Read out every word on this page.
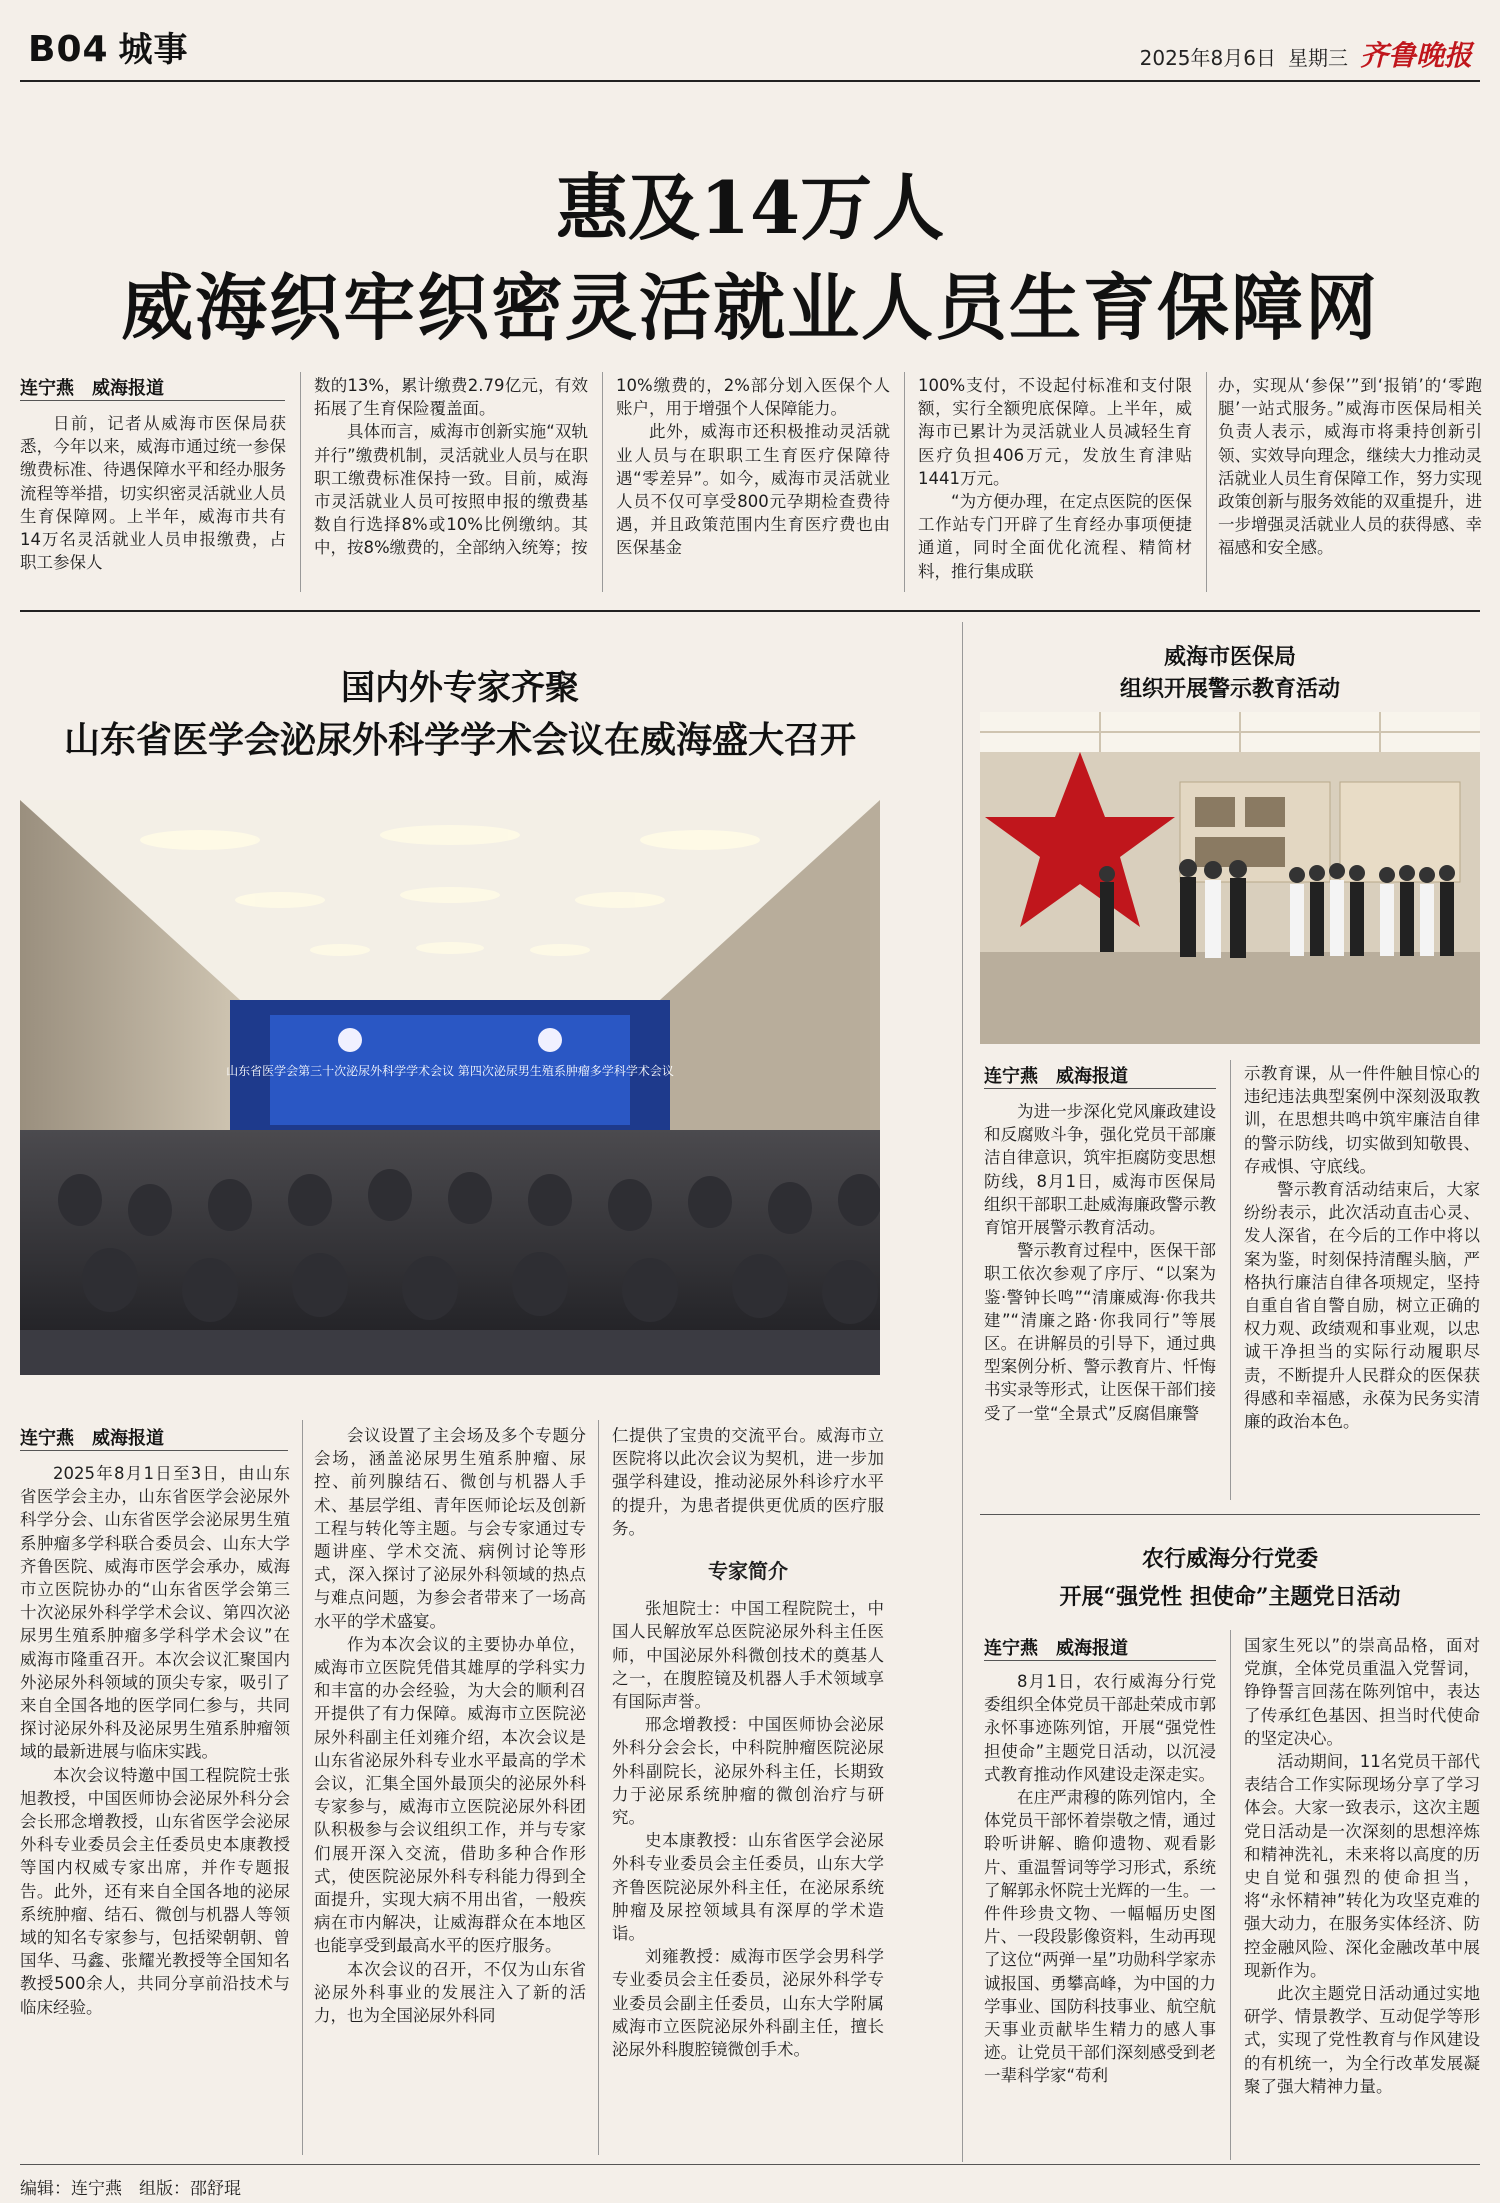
B04 城事	2025年8月6日 星期三 齐鲁晚报
惠及14万人
威海织牢织密灵活就业人员生育保障网
连宁燕　威海报道

日前，记者从威海市医保局获悉，今年以来，威海市通过统一参保缴费标准、待遇保障水平和经办服务流程等举措，切实织密灵活就业人员生育保障网。上半年，威海市共有14万名灵活就业人员申报缴费，占职工参保人

数的13%，累计缴费2.79亿元，有效拓展了生育保险覆盖面。

具体而言，威海市创新实施“双轨并行”缴费机制，灵活就业人员与在职职工缴费标准保持一致。目前，威海市灵活就业人员可按照申报的缴费基数自行选择8%或10%比例缴纳。其中，按8%缴费的，全部纳入统筹；按

10%缴费的，2%部分划入医保个人账户，用于增强个人保障能力。

此外，威海市还积极推动灵活就业人员与在职职工生育医疗保障待遇“零差异”。如今，威海市灵活就业人员不仅可享受800元孕期检查费待遇，并且政策范围内生育医疗费也由医保基金

100%支付，不设起付标准和支付限额，实行全额兜底保障。上半年，威海市已累计为灵活就业人员减轻生育医疗负担406万元，发放生育津贴1441万元。

“为方便办理，在定点医院的医保工作站专门开辟了生育经办事项便捷通道，同时全面优化流程、精简材料，推行集成联

办，实现从‘参保’”到‘报销’的‘零跑腿’一站式服务。”威海市医保局相关负责人表示，威海市将秉持创新引领、实效导向理念，继续大力推动灵活就业人员生育保障工作，努力实现政策创新与服务效能的双重提升，进一步增强灵活就业人员的获得感、幸福感和安全感。

国内外专家齐聚
山东省医学会泌尿外科学学术会议在威海盛大召开
山东省医学会第三十次泌尿外科学学术会议 第四次泌尿男生殖系肿瘤多学科学术会议
连宁燕　威海报道

2025年8月1日至3日，由山东省医学会主办，山东省医学会泌尿外科学分会、山东省医学会泌尿男生殖系肿瘤多学科联合委员会、山东大学齐鲁医院、威海市医学会承办，威海市立医院协办的“山东省医学会第三十次泌尿外科学学术会议、第四次泌尿男生殖系肿瘤多学科学术会议”在威海市隆重召开。本次会议汇聚国内外泌尿外科领域的顶尖专家，吸引了来自全国各地的医学同仁参与，共同探讨泌尿外科及泌尿男生殖系肿瘤领域的最新进展与临床实践。

本次会议特邀中国工程院院士张旭教授，中国医师协会泌尿外科分会会长邢念增教授，山东省医学会泌尿外科专业委员会主任委员史本康教授等国内权威专家出席，并作专题报告。此外，还有来自全国各地的泌尿系统肿瘤、结石、微创与机器人等领域的知名专家参与，包括梁朝朝、曾国华、马鑫、张耀光教授等全国知名教授500余人，共同分享前沿技术与临床经验。

会议设置了主会场及多个专题分会场，涵盖泌尿男生殖系肿瘤、尿控、前列腺结石、微创与机器人手术、基层学组、青年医师论坛及创新工程与转化等主题。与会专家通过专题讲座、学术交流、病例讨论等形式，深入探讨了泌尿外科领域的热点与难点问题，为参会者带来了一场高水平的学术盛宴。

作为本次会议的主要协办单位，威海市立医院凭借其雄厚的学科实力和丰富的办会经验，为大会的顺利召开提供了有力保障。威海市立医院泌尿外科副主任刘雍介绍，本次会议是山东省泌尿外科专业水平最高的学术会议，汇集全国外最顶尖的泌尿外科专家参与，威海市立医院泌尿外科团队积极参与会议组织工作，并与专家们展开深入交流，借助多种合作形式，使医院泌尿外科专科能力得到全面提升，实现大病不用出省，一般疾病在市内解决，让威海群众在本地区也能享受到最高水平的医疗服务。

本次会议的召开，不仅为山东省泌尿外科事业的发展注入了新的活力，也为全国泌尿外科同

仁提供了宝贵的交流平台。威海市立医院将以此次会议为契机，进一步加强学科建设，推动泌尿外科诊疗水平的提升，为患者提供更优质的医疗服务。

专家简介

张旭院士：中国工程院院士，中国人民解放军总医院泌尿外科主任医师，中国泌尿外科微创技术的奠基人之一，在腹腔镜及机器人手术领域享有国际声誉。

邢念增教授：中国医师协会泌尿外科分会会长，中科院肿瘤医院泌尿外科副院长，泌尿外科主任，长期致力于泌尿系统肿瘤的微创治疗与研究。

史本康教授：山东省医学会泌尿外科专业委员会主任委员，山东大学齐鲁医院泌尿外科主任，在泌尿系统肿瘤及尿控领域具有深厚的学术造诣。

刘雍教授：威海市医学会男科学专业委员会主任委员，泌尿外科学专业委员会副主任委员，山东大学附属威海市立医院泌尿外科副主任，擅长泌尿外科腹腔镜微创手术。

威海市医保局
组织开展警示教育活动
连宁燕　威海报道

为进一步深化党风廉政建设和反腐败斗争，强化党员干部廉洁自律意识，筑牢拒腐防变思想防线，8月1日，威海市医保局组织干部职工赴威海廉政警示教育馆开展警示教育活动。

警示教育过程中，医保干部职工依次参观了序厅、“以案为鉴·警钟长鸣”“清廉威海·你我共建”“清廉之路·你我同行”等展区。在讲解员的引导下，通过典型案例分析、警示教育片、忏悔书实录等形式，让医保干部们接受了一堂“全景式”反腐倡廉警

示教育课，从一件件触目惊心的违纪违法典型案例中深刻汲取教训，在思想共鸣中筑牢廉洁自律的警示防线，切实做到知敬畏、存戒惧、守底线。

警示教育活动结束后，大家纷纷表示，此次活动直击心灵、发人深省，在今后的工作中将以案为鉴，时刻保持清醒头脑，严格执行廉洁自律各项规定，坚持自重自省自警自励，树立正确的权力观、政绩观和事业观，以忠诚干净担当的实际行动履职尽责，不断提升人民群众的医保获得感和幸福感，永葆为民务实清廉的政治本色。

农行威海分行党委
开展“强党性 担使命”主题党日活动
连宁燕　威海报道

8月1日，农行威海分行党委组织全体党员干部赴荣成市郭永怀事迹陈列馆，开展“强党性　担使命”主题党日活动，以沉浸式教育推动作风建设走深走实。

在庄严肃穆的陈列馆内，全体党员干部怀着崇敬之情，通过聆听讲解、瞻仰遗物、观看影片、重温誓词等学习形式，系统了解郭永怀院士光辉的一生。一件件珍贵文物、一幅幅历史图片、一段段影像资料，生动再现了这位“两弹一星”功勋科学家赤诚报国、勇攀高峰，为中国的力学事业、国防科技事业、航空航天事业贡献毕生精力的感人事迹。让党员干部们深刻感受到老一辈科学家“苟利

国家生死以”的崇高品格，面对党旗，全体党员重温入党誓词，铮铮誓言回荡在陈列馆中，表达了传承红色基因、担当时代使命的坚定决心。

活动期间，11名党员干部代表结合工作实际现场分享了学习体会。大家一致表示，这次主题党日活动是一次深刻的思想淬炼和精神洗礼，未来将以高度的历史自觉和强烈的使命担当，将“永怀精神”转化为攻坚克难的强大动力，在服务实体经济、防控金融风险、深化金融改革中展现新作为。

此次主题党日活动通过实地研学、情景教学、互动促学等形式，实现了党性教育与作风建设的有机统一，为全行改革发展凝聚了强大精神力量。

编辑：连宁燕　组版：邵舒琨
